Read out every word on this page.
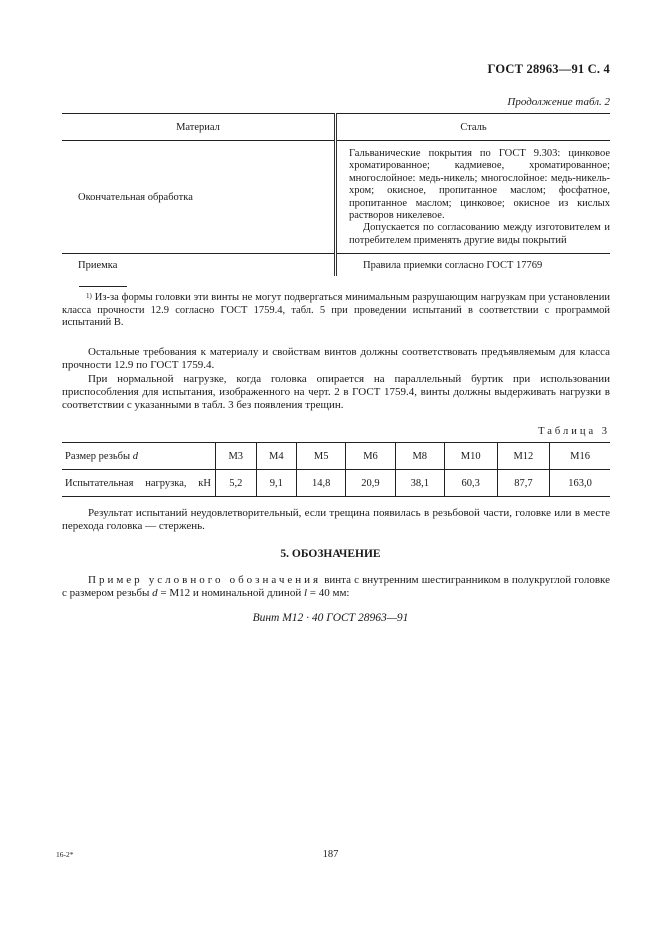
ГОСТ 28963—91 С. 4
Продолжение табл. 2
Материал	Сталь
Окончательная обработка	Гальванические покрытия по ГОСТ 9.303: цинковое хроматированное; кадмиевое, хроматированное; многослойное: медь-никель; многослойное: медь-никель-хром; окисное, пропитанное маслом; фосфатное, пропитанное маслом; цинковое; окисное из кислых растворов никелевое.

Допускается по согласованию между изготовителем и потребителем применять другие виды покрытий

Приемка	Правила приемки согласно ГОСТ 17769
$^{1)}$ Из-за формы головки эти винты не могут подвергаться минимальным разрушающим нагрузкам при установлении класса прочности 12.9 согласно ГОСТ 1759.4, табл. 5 при проведении испытаний в соответствии с программой испытаний В.
Остальные требования к материалу и свойствам винтов должны соответствовать предъявляемым для класса прочности 12.9 по ГОСТ 1759.4.
При нормальной нагрузке, когда головка опирается на параллельный буртик при использовании приспособления для испытания, изображенного на черт. 2 в ГОСТ 1759.4, винты должны выдерживать нагрузки в соответствии с указанными в табл. 3 без появления трещин.
Таблица 3
Размер резьбы d	М3	М4	М5	М6	М8	М10	М12	М16
Испытательная нагрузка, кН	5,2	9,1	14,8	20,9	38,1	60,3	87,7	163,0
Результат испытаний неудовлетворительный, если трещина появилась в резьбовой части, головке или в месте перехода головка — стержень.
5. ОБОЗНАЧЕНИЕ
Пример условного обозначения винта с внутренним шестигранником в полукруглой головке с размером резьбы d = М12 и номинальной длиной l = 40 мм:
Винт М12 · 40 ГОСТ 28963—91
16-2*	187
